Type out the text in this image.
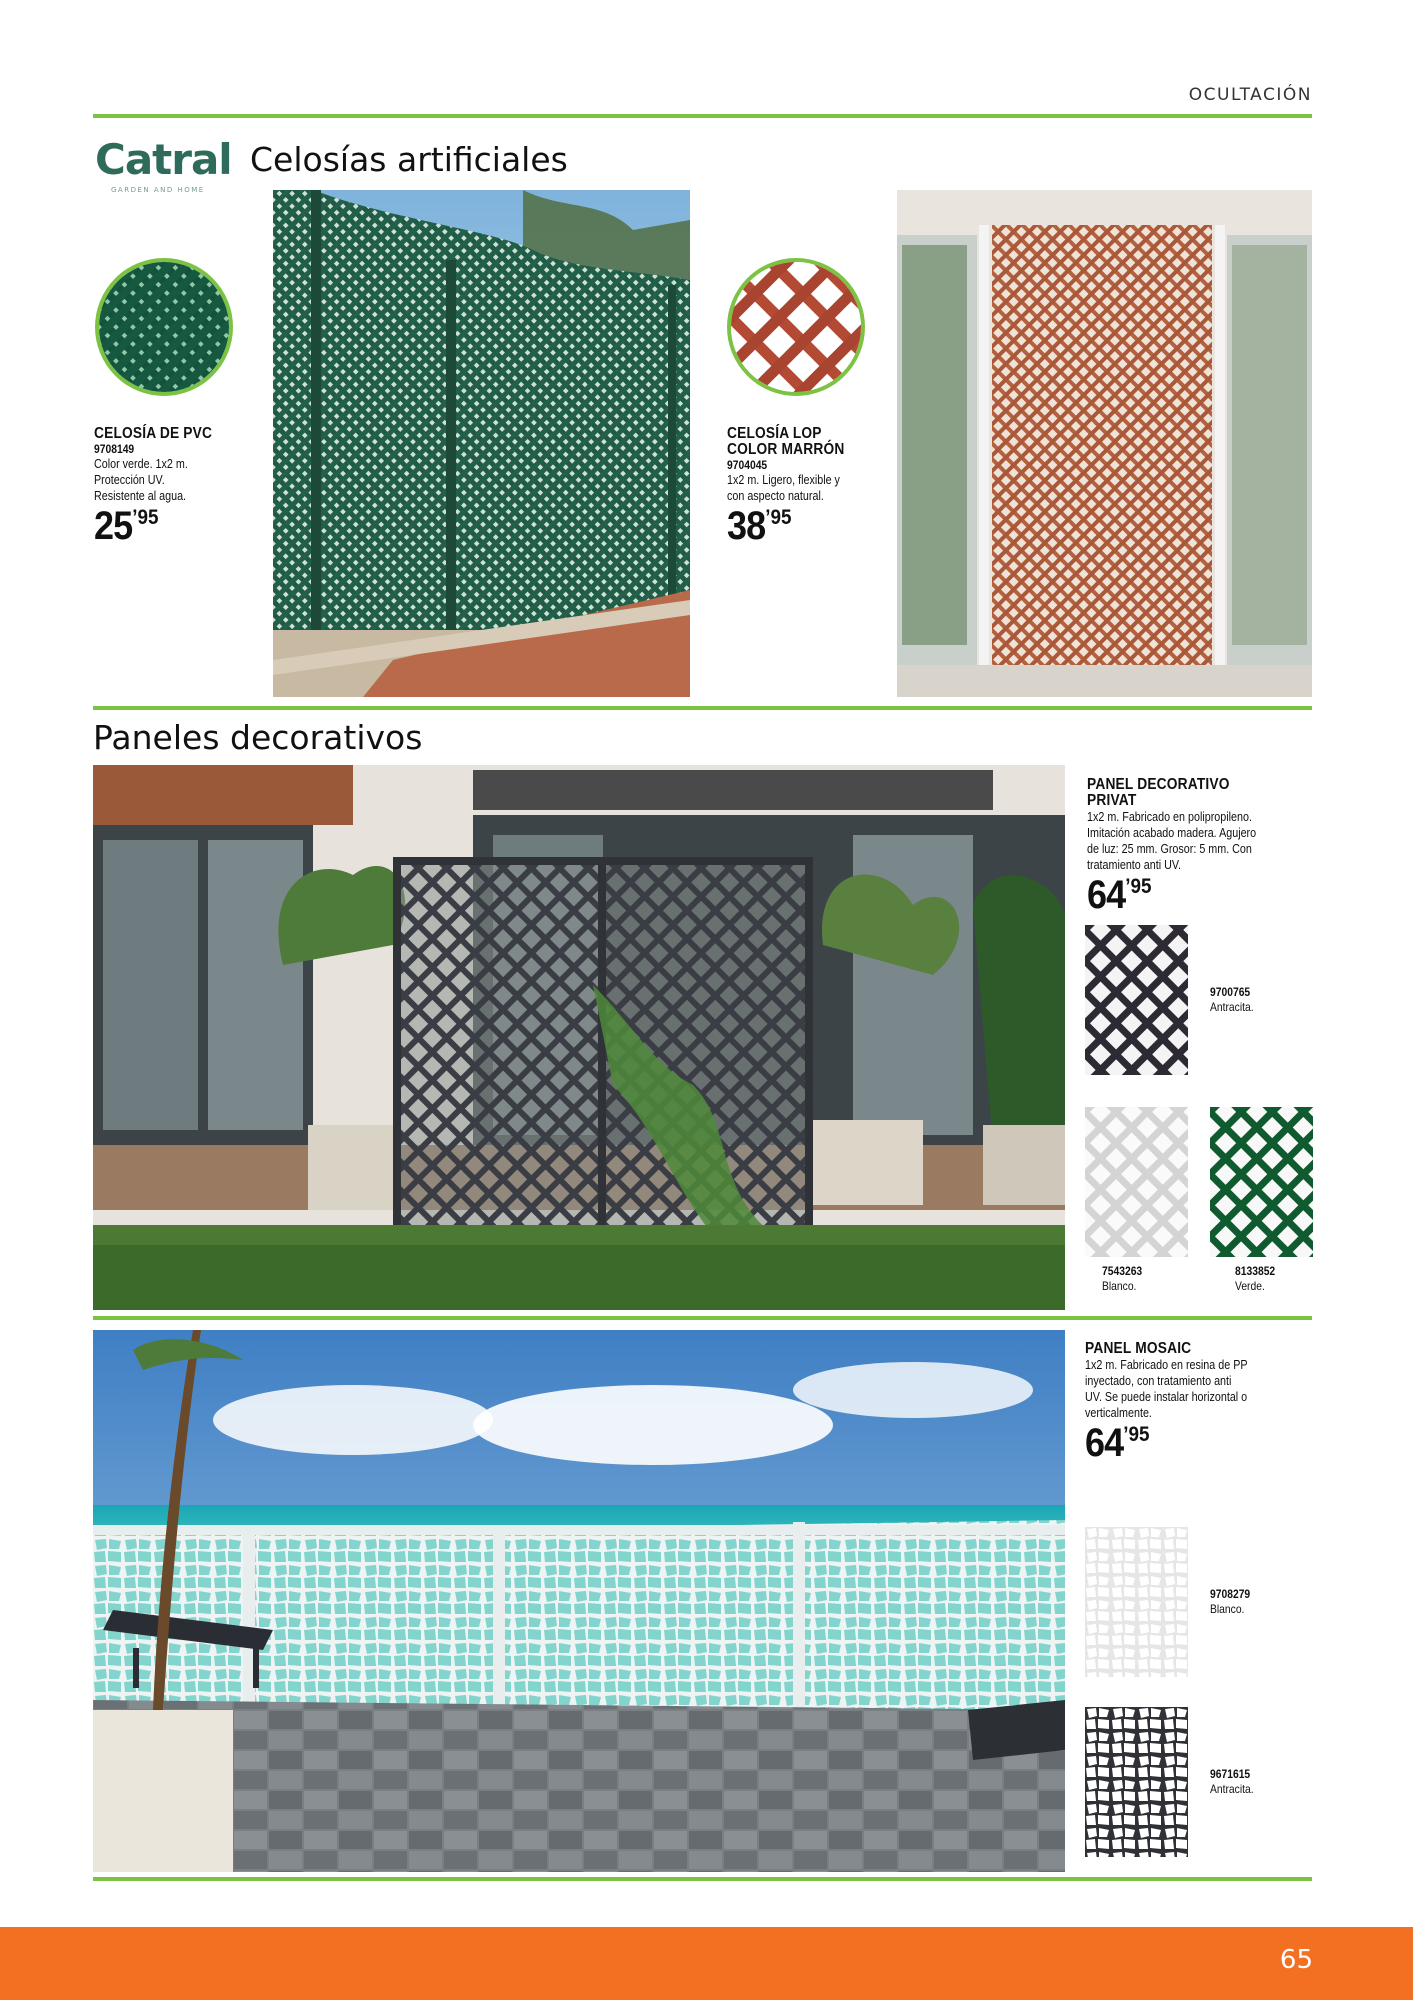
OCULTACIÓN
Catral
GARDEN AND HOME
Celosías artificiales
CELOSÍA DE PVC
9708149
Color verde. 1x2 m.
Protección UV.
Resistente al agua.
25 ’95
CELOSÍA LOP
COLOR MARRÓN
9704045
1x2 m. Ligero, flexible y
con aspecto natural.
38 ’95
Paneles decorativos
PANEL DECORATIVO PRIVAT
1x2 m. Fabricado en polipropileno.
Imitación acabado madera. Agujero
de luz: 25 mm. Grosor: 5 mm. Con
tratamiento anti UV.
64 ’95
9700765
Antracita.
7543263
Blanco.
8133852
Verde.
PANEL MOSAIC
1x2 m. Fabricado en resina de PP
inyectado, con tratamiento anti
UV. Se puede instalar horizontal o
verticalmente.
64 ’95
9708279
Blanco.
9671615
Antracita.
65
